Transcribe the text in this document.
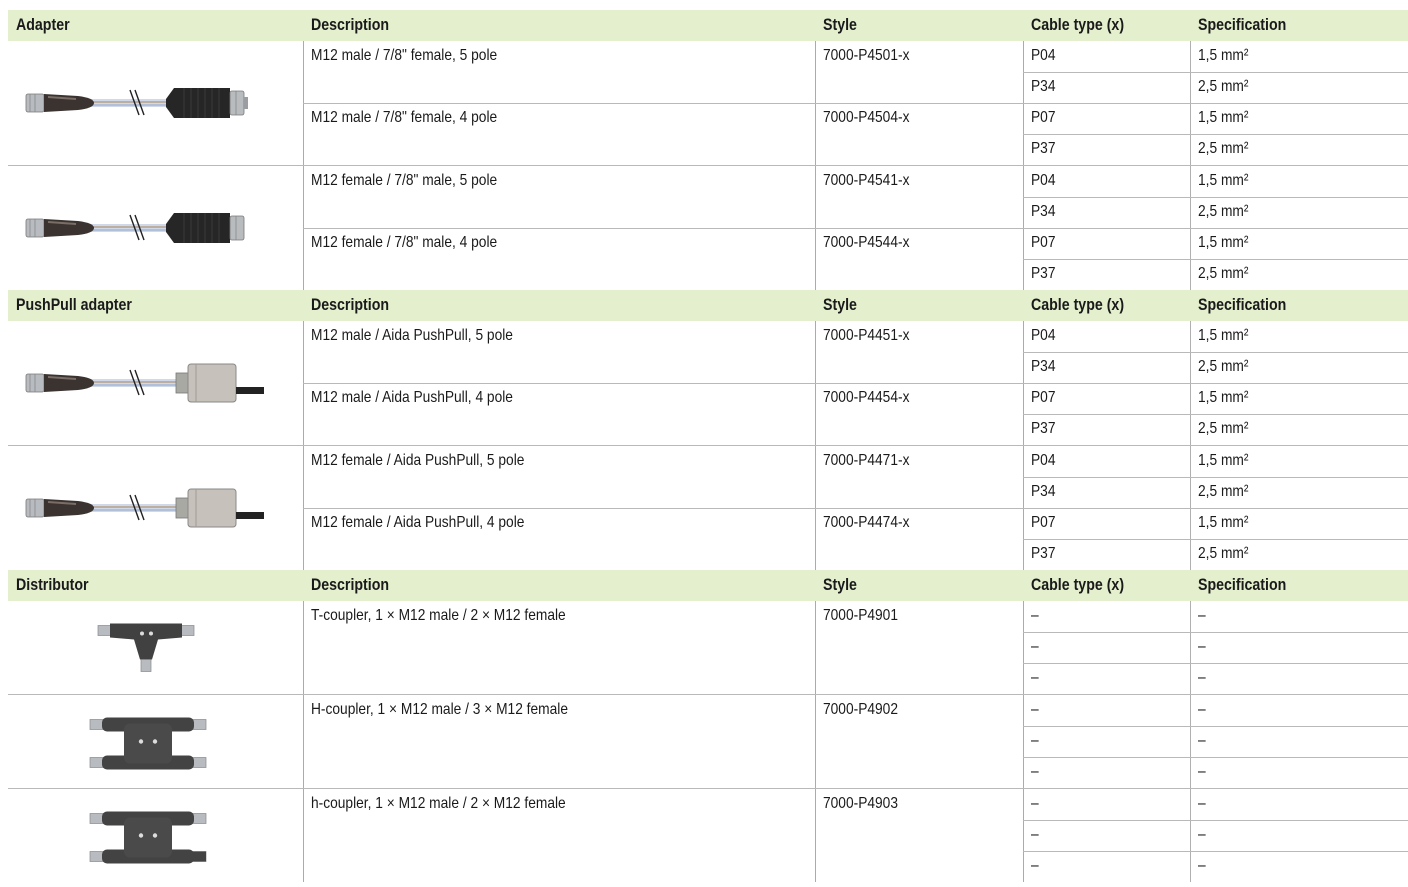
Adapter	Description	Style	Cable type (x)	Specification
M12 male / 7/8" female, 5 pole	7000-P4501-x	P04	1,5 mm²
P34	2,5 mm²
M12 male / 7/8" female, 4 pole	7000-P4504-x	P07	1,5 mm²
P37	2,5 mm²
M12 female / 7/8" male, 5 pole	7000-P4541-x	P04	1,5 mm²
P34	2,5 mm²
M12 female / 7/8" male, 4 pole	7000-P4544-x	P07	1,5 mm²
P37	2,5 mm²
PushPull adapter	Description	Style	Cable type (x)	Specification
M12 male / Aida PushPull, 5 pole	7000-P4451-x	P04	1,5 mm²
P34	2,5 mm²
M12 male / Aida PushPull, 4 pole	7000-P4454-x	P07	1,5 mm²
P37	2,5 mm²
M12 female / Aida PushPull, 5 pole	7000-P4471-x	P04	1,5 mm²
P34	2,5 mm²
M12 female / Aida PushPull, 4 pole	7000-P4474-x	P07	1,5 mm²
P37	2,5 mm²
Distributor	Description	Style	Cable type (x)	Specification
T-coupler, 1 × M12 male / 2 × M12 female	7000-P4901	–	–
–	–
–	–
H-coupler, 1 × M12 male / 3 × M12 female	7000-P4902	–	–
–	–
–	–
h-coupler, 1 × M12 male / 2 × M12 female	7000-P4903	–	–
–	–
–	–
